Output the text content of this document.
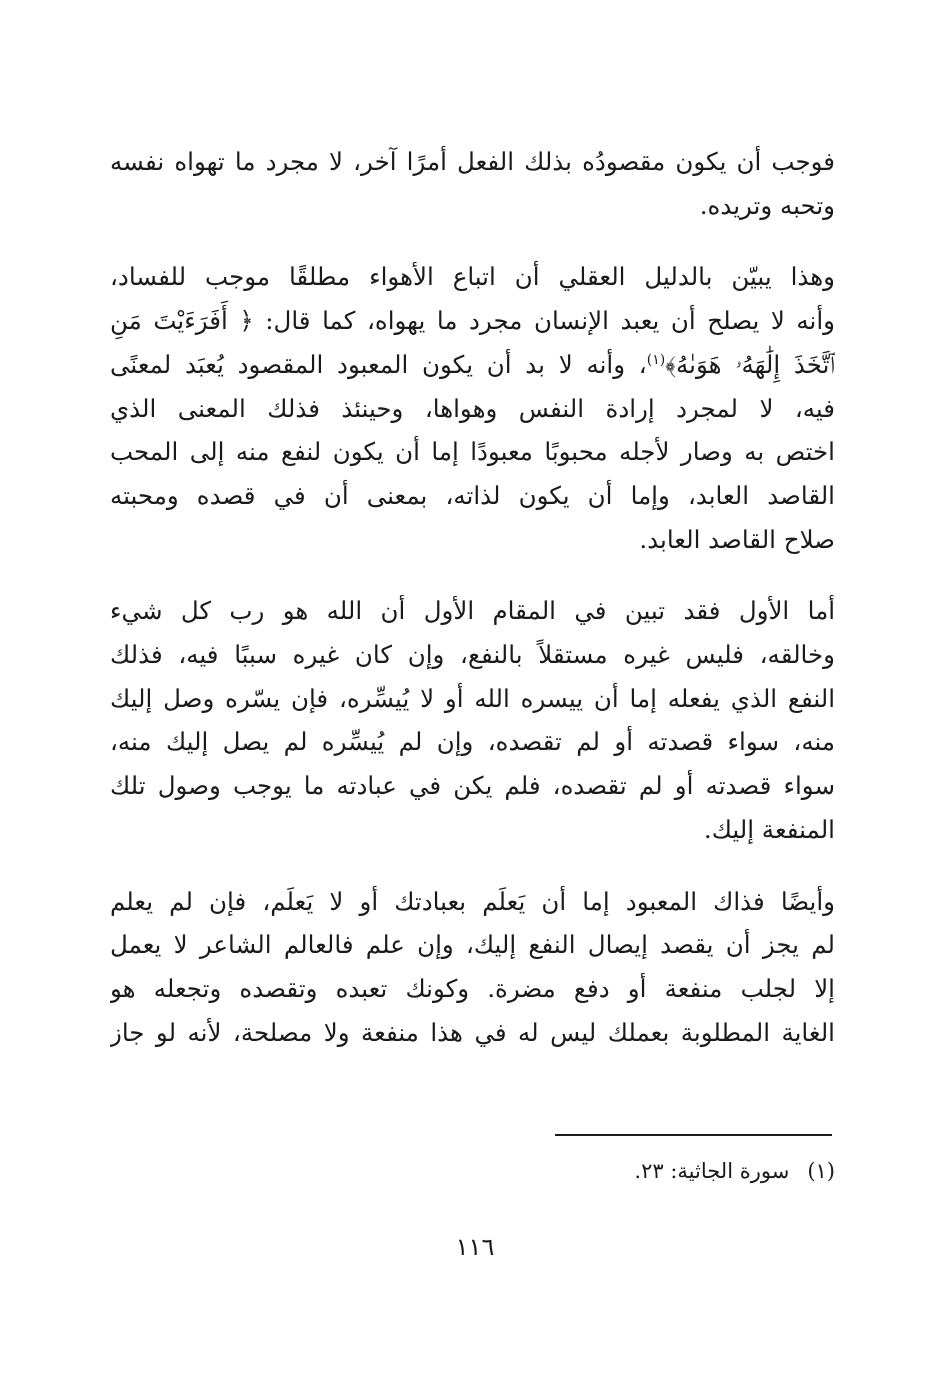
فوجب أن يكون مقصودُه بذلك الفعل أمرًا آخر، لا مجرد ما تهواه نفسه
وتحبه وتريده.

وهذا يبيّن بالدليل العقلي أن اتباع الأهواء مطلقًا موجب للفساد،
وأنه لا يصلح أن يعبد الإنسان مجرد ما يهواه، كما قال: ﴿ أَفَرَءَيْتَ مَنِ
ٱتَّخَذَ إِلَٰهَهُۥ هَوَىٰهُ﴾$^{(١)}$، وأنه لا بد أن يكون المعبود المقصود يُعبَد لمعنًى
فيه، لا لمجرد إرادة النفس وهواها، وحينئذ فذلك المعنى الذي
اختص به وصار لأجله محبوبًا معبودًا إما أن يكون لنفع منه إلى المحب
القاصد العابد، وإما أن يكون لذاته، بمعنى أن في قصده ومحبته
صلاح القاصد العابد.

أما الأول فقد تبين في المقام الأول أن الله هو رب كل شيء
وخالقه، فليس غيره مستقلاً بالنفع، وإن كان غيره سببًا فيه، فذلك
النفع الذي يفعله إما أن ييسره الله أو لا يُيسِّره، فإن يسّره وصل إليك
منه، سواء قصدته أو لم تقصده، وإن لم يُيسِّره لم يصل إليك منه،
سواء قصدته أو لم تقصده، فلم يكن في عبادته ما يوجب وصول تلك
المنفعة إليك.

وأيضًا فذاك المعبود إما أن يَعلَم بعبادتك أو لا يَعلَم، فإن لم يعلم
لم يجز أن يقصد إيصال النفع إليك، وإن علم فالعالم الشاعر لا يعمل
إلا لجلب منفعة أو دفع مضرة. وكونك تعبده وتقصده وتجعله هو
الغاية المطلوبة بعملك ليس له في هذا منفعة ولا مصلحة، لأنه لو جاز

(١)سورة الجاثية: ٢٣.
١١٦
